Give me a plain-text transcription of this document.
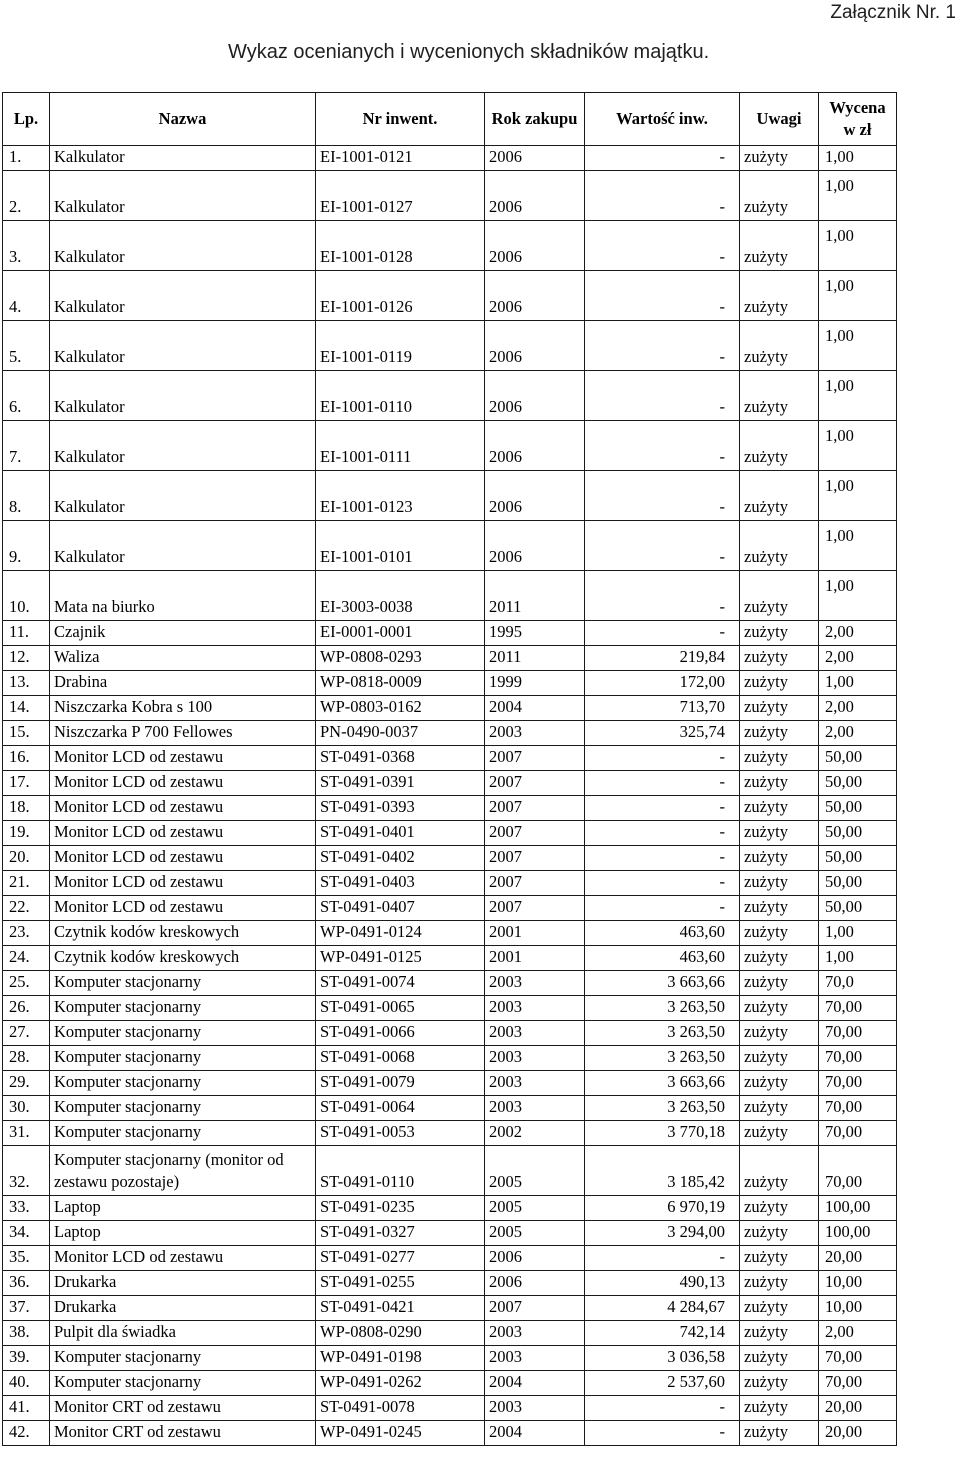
Załącznik Nr. 1
Wykaz ocenianych i wycenionych składników majątku.
Lp.	Nazwa	Nr inwent.	Rok zakupu	Wartość inw.	Uwagi	Wycena w zł
1.	Kalkulator	EI-1001-0121	2006	-	zużyty	1,00
2.	Kalkulator	EI-1001-0127	2006	-	zużyty	1,00
3.	Kalkulator	EI-1001-0128	2006	-	zużyty	1,00
4.	Kalkulator	EI-1001-0126	2006	-	zużyty	1,00
5.	Kalkulator	EI-1001-0119	2006	-	zużyty	1,00
6.	Kalkulator	EI-1001-0110	2006	-	zużyty	1,00
7.	Kalkulator	EI-1001-0111	2006	-	zużyty	1,00
8.	Kalkulator	EI-1001-0123	2006	-	zużyty	1,00
9.	Kalkulator	EI-1001-0101	2006	-	zużyty	1,00
10.	Mata na biurko	EI-3003-0038	2011	-	zużyty	1,00
11.	Czajnik	EI-0001-0001	1995	-	zużyty	2,00
12.	Waliza	WP-0808-0293	2011	219,84	zużyty	2,00
13.	Drabina	WP-0818-0009	1999	172,00	zużyty	1,00
14.	Niszczarka Kobra s 100	WP-0803-0162	2004	713,70	zużyty	2,00
15.	Niszczarka P 700 Fellowes	PN-0490-0037	2003	325,74	zużyty	2,00
16.	Monitor LCD od zestawu	ST-0491-0368	2007	-	zużyty	50,00
17.	Monitor LCD od zestawu	ST-0491-0391	2007	-	zużyty	50,00
18.	Monitor LCD od zestawu	ST-0491-0393	2007	-	zużyty	50,00
19.	Monitor LCD od zestawu	ST-0491-0401	2007	-	zużyty	50,00
20.	Monitor LCD od zestawu	ST-0491-0402	2007	-	zużyty	50,00
21.	Monitor LCD od zestawu	ST-0491-0403	2007	-	zużyty	50,00
22.	Monitor LCD od zestawu	ST-0491-0407	2007	-	zużyty	50,00
23.	Czytnik kodów kreskowych	WP-0491-0124	2001	463,60	zużyty	1,00
24.	Czytnik kodów kreskowych	WP-0491-0125	2001	463,60	zużyty	1,00
25.	Komputer stacjonarny	ST-0491-0074	2003	3 663,66	zużyty	70,0
26.	Komputer stacjonarny	ST-0491-0065	2003	3 263,50	zużyty	70,00
27.	Komputer stacjonarny	ST-0491-0066	2003	3 263,50	zużyty	70,00
28.	Komputer stacjonarny	ST-0491-0068	2003	3 263,50	zużyty	70,00
29.	Komputer stacjonarny	ST-0491-0079	2003	3 663,66	zużyty	70,00
30.	Komputer stacjonarny	ST-0491-0064	2003	3 263,50	zużyty	70,00
31.	Komputer stacjonarny	ST-0491-0053	2002	3 770,18	zużyty	70,00
32.	Komputer stacjonarny (monitor od zestawu pozostaje)	ST-0491-0110	2005	3 185,42	zużyty	70,00
33.	Laptop	ST-0491-0235	2005	6 970,19	zużyty	100,00
34.	Laptop	ST-0491-0327	2005	3 294,00	zużyty	100,00
35.	Monitor LCD od zestawu	ST-0491-0277	2006	-	zużyty	20,00
36.	Drukarka	ST-0491-0255	2006	490,13	zużyty	10,00
37.	Drukarka	ST-0491-0421	2007	4 284,67	zużyty	10,00
38.	Pulpit dla świadka	WP-0808-0290	2003	742,14	zużyty	2,00
39.	Komputer stacjonarny	WP-0491-0198	2003	3 036,58	zużyty	70,00
40.	Komputer stacjonarny	WP-0491-0262	2004	2 537,60	zużyty	70,00
41.	Monitor CRT od zestawu	ST-0491-0078	2003	-	zużyty	20,00
42.	Monitor CRT od zestawu	WP-0491-0245	2004	-	zużyty	20,00
